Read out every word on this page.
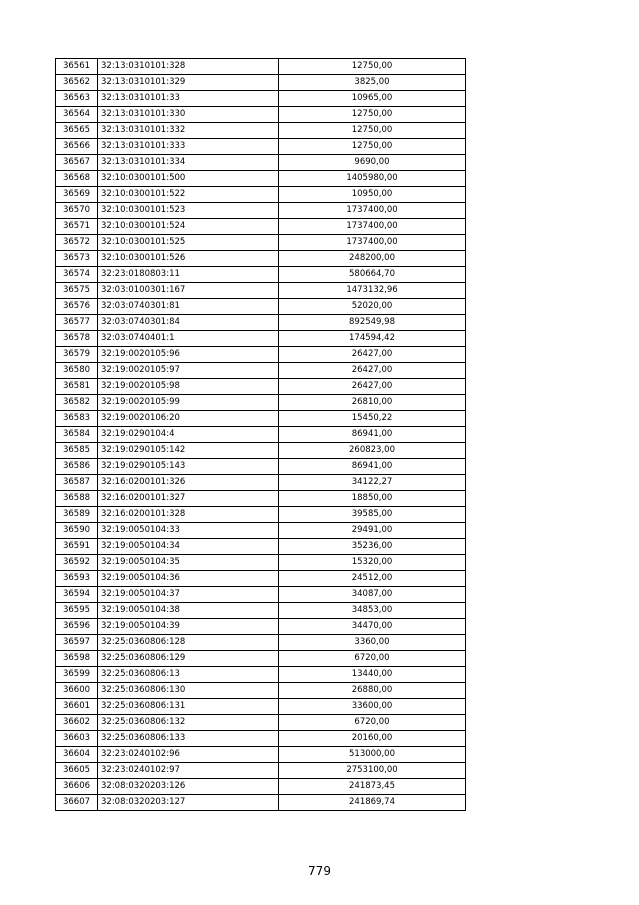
36561	32:13:0310101:328	12750,00
36562	32:13:0310101:329	3825,00
36563	32:13:0310101:33	10965,00
36564	32:13:0310101:330	12750,00
36565	32:13:0310101:332	12750,00
36566	32:13:0310101:333	12750,00
36567	32:13:0310101:334	9690,00
36568	32:10:0300101:500	1405980,00
36569	32:10:0300101:522	10950,00
36570	32:10:0300101:523	1737400,00
36571	32:10:0300101:524	1737400,00
36572	32:10:0300101:525	1737400,00
36573	32:10:0300101:526	248200,00
36574	32:23:0180803:11	580664,70
36575	32:03:0100301:167	1473132,96
36576	32:03:0740301:81	52020,00
36577	32:03:0740301:84	892549,98
36578	32:03:0740401:1	174594,42
36579	32:19:0020105:96	26427,00
36580	32:19:0020105:97	26427,00
36581	32:19:0020105:98	26427,00
36582	32:19:0020105:99	26810,00
36583	32:19:0020106:20	15450,22
36584	32:19:0290104:4	86941,00
36585	32:19:0290105:142	260823,00
36586	32:19:0290105:143	86941,00
36587	32:16:0200101:326	34122,27
36588	32:16:0200101:327	18850,00
36589	32:16:0200101:328	39585,00
36590	32:19:0050104:33	29491,00
36591	32:19:0050104:34	35236,00
36592	32:19:0050104:35	15320,00
36593	32:19:0050104:36	24512,00
36594	32:19:0050104:37	34087,00
36595	32:19:0050104:38	34853,00
36596	32:19:0050104:39	34470,00
36597	32:25:0360806:128	3360,00
36598	32:25:0360806:129	6720,00
36599	32:25:0360806:13	13440,00
36600	32:25:0360806:130	26880,00
36601	32:25:0360806:131	33600,00
36602	32:25:0360806:132	6720,00
36603	32:25:0360806:133	20160,00
36604	32:23:0240102:96	513000,00
36605	32:23:0240102:97	2753100,00
36606	32:08:0320203:126	241873,45
36607	32:08:0320203:127	241869,74
779
